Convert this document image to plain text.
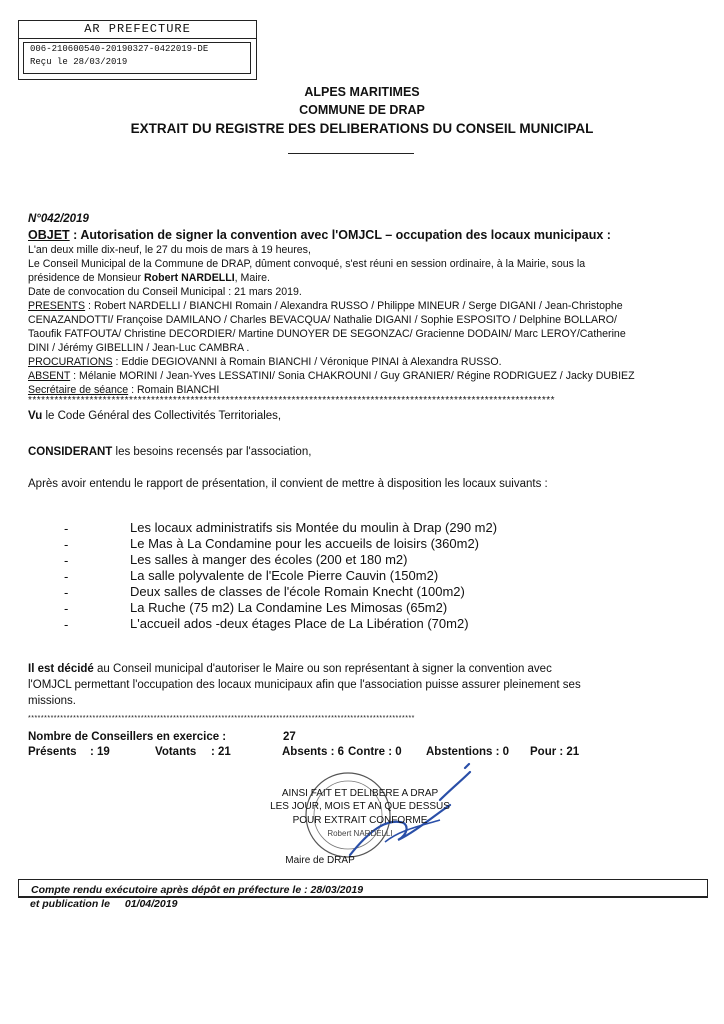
AR PREFECTURE
006-210600540-20190327-0422019-DE
Reçu le 28/03/2019
ALPES MARITIMES
COMMUNE DE DRAP
EXTRAIT DU REGISTRE DES DELIBERATIONS DU CONSEIL MUNICIPAL
N°042/2019
OBJET : Autorisation de signer la convention avec l'OMJCL – occupation des locaux municipaux :
L'an deux mille dix-neuf, le 27 du mois de mars à 19 heures,
Le Conseil Municipal de la Commune de DRAP, dûment convoqué, s'est réuni en session ordinaire, à la Mairie, sous la
présidence de Monsieur Robert NARDELLI, Maire.
Date de convocation du Conseil Municipal : 21 mars 2019.
PRESENTS : Robert NARDELLI / BIANCHI Romain / Alexandra RUSSO / Philippe MINEUR / Serge DIGANI / Jean-Christophe
CENAZANDOTTI/ Françoise DAMILANO / Charles BEVACQUA/ Nathalie DIGANI / Sophie ESPOSITO / Delphine BOLLARO/
Taoufik FATFOUTA/ Christine DECORDIER/ Martine DUNOYER DE SEGONZAC/ Gracienne DODAIN/ Marc LEROY/Catherine
DINI / Jérémy GIBELLIN / Jean-Luc CAMBRA .
PROCURATIONS : Eddie DEGIOVANNI à Romain BIANCHI / Véronique PINAI à Alexandra RUSSO.
ABSENT : Mélanie MORINI / Jean-Yves LESSATINI/ Sonia CHAKROUNI / Guy GRANIER/ Régine RODRIGUEZ / Jacky DUBIEZ
Secrétaire de séance : Romain BIANCHI
************************************************************************************************************************
Vu le Code Général des Collectivités Territoriales,
CONSIDERANT les besoins recensés par l'association,
Après avoir entendu le rapport de présentation, il convient de mettre à disposition les locaux suivants :
-	Les locaux administratifs sis Montée du moulin à Drap (290 m2)
-	Le Mas à La Condamine pour les accueils de loisirs (360m2)
-	Les salles à manger des écoles (200 et 180 m2)
-	La salle polyvalente de l'Ecole Pierre Cauvin (150m2)
-	Deux salles de classes de l'école Romain Knecht (100m2)
-	La Ruche (75 m2) La Condamine Les Mimosas (65m2)
-	L'accueil ados -deux étages Place de La Libération (70m2)
Il est décidé au Conseil municipal d'autoriser le Maire ou son représentant à signer la convention avec
l'OMJCL permettant l'occupation des locaux municipaux afin que l'association puisse assurer pleinement ses
missions.
************************************************************************************************************************
Nombre de Conseillers en exercice :	27
Présents : 19	Votants : 21	Absents : 6 Contre : 0 Abstentions : 0 Pour : 21
AINSI FAIT ET DELIBERE A DRAP
LES JOUR, MOIS ET AN QUE DESSUS
POUR EXTRAIT CONFORME
Robert NARDELLI
Maire de DRAP
Compte rendu exécutoire après dépôt en préfecture le : 28/03/2019
et publication le 01/04/2019
